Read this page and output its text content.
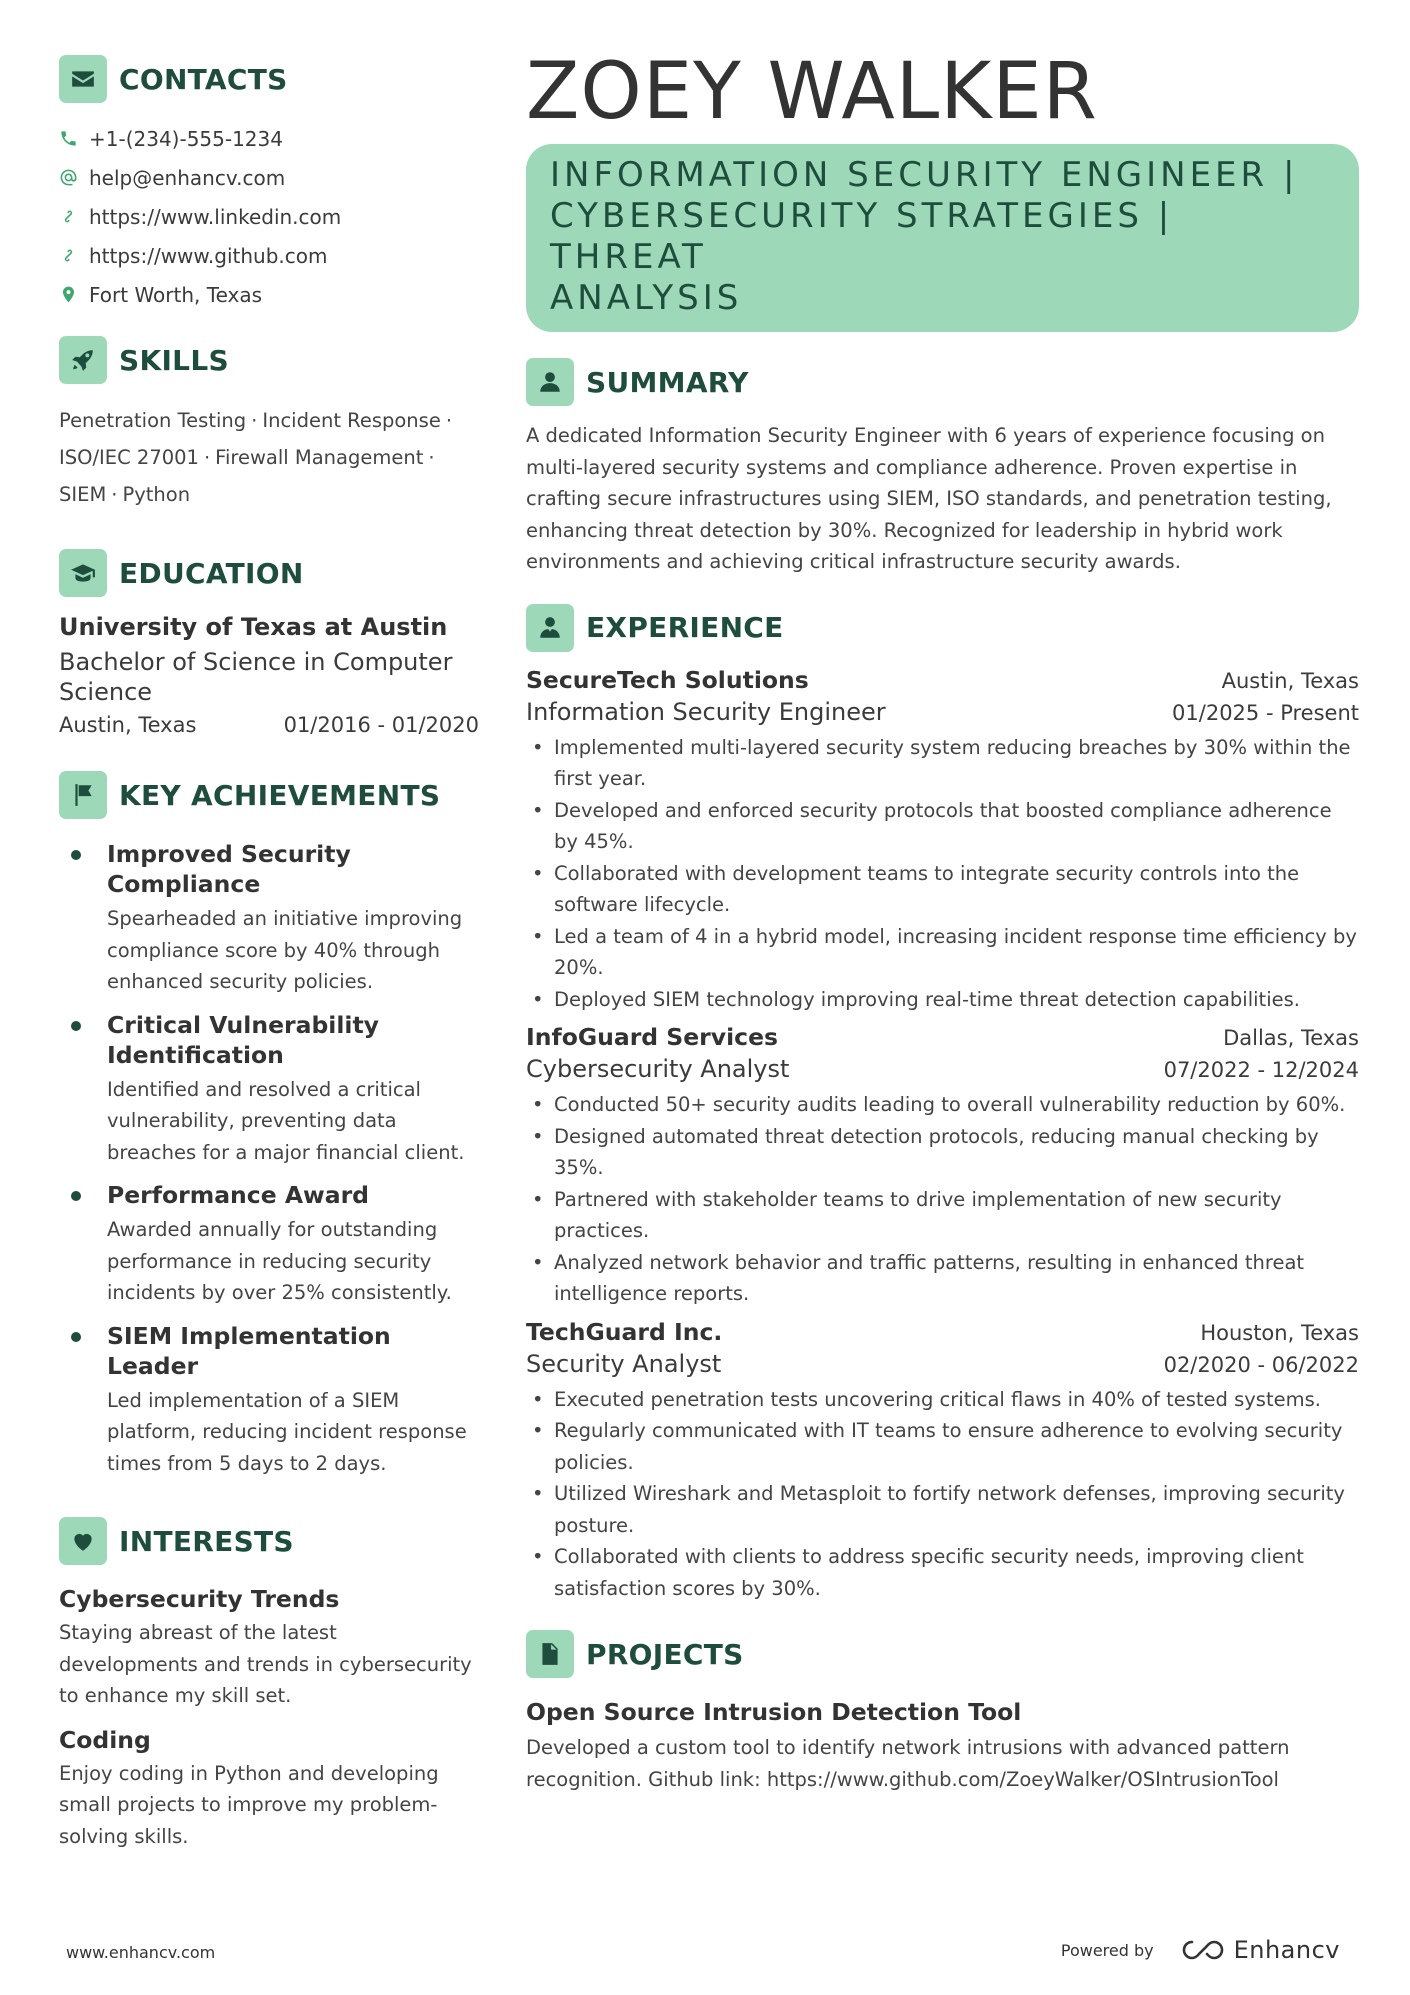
CONTACTS
+1-(234)-555-1234
help@enhancv.com
https://www.linkedin.com
https://www.github.com
Fort Worth, Texas
SKILLS
Penetration Testing · Incident Response ·
ISO/IEC 27001 · Firewall Management ·
SIEM · Python
EDUCATION
University of Texas at Austin
Bachelor of Science in Computer Science
Austin, Texas	01/2016 - 01/2020
KEY ACHIEVEMENTS
Improved Security Compliance
Spearheaded an initiative improving compliance score by 40% through enhanced security policies.
Critical Vulnerability Identification
Identified and resolved a critical vulnerability, preventing data breaches for a major financial client.
Performance Award
Awarded annually for outstanding performance in reducing security incidents by over 25% consistently.
SIEM Implementation Leader
Led implementation of a SIEM platform, reducing incident response times from 5 days to 2 days.
INTERESTS
Cybersecurity Trends
Staying abreast of the latest developments and trends in cybersecurity to enhance my skill set.
Coding
Enjoy coding in Python and developing small projects to improve my problem-solving skills.
ZOEY WALKER
INFORMATION SECURITY ENGINEER |
CYBERSECURITY STRATEGIES | THREAT
ANALYSIS
SUMMARY
A dedicated Information Security Engineer with 6 years of experience focusing on multi-layered security systems and compliance adherence. Proven expertise in crafting secure infrastructures using SIEM, ISO standards, and penetration testing, enhancing threat detection by 30%. Recognized for leadership in hybrid work environments and achieving critical infrastructure security awards.
EXPERIENCE
SecureTech Solutions	Austin, Texas
Information Security Engineer	01/2025 - Present
• Implemented multi-layered security system reducing breaches by 30% within the first year.
• Developed and enforced security protocols that boosted compliance adherence by 45%.
• Collaborated with development teams to integrate security controls into the software lifecycle.
• Led a team of 4 in a hybrid model, increasing incident response time efficiency by 20%.
• Deployed SIEM technology improving real-time threat detection capabilities.
InfoGuard Services	Dallas, Texas
Cybersecurity Analyst	07/2022 - 12/2024
• Conducted 50+ security audits leading to overall vulnerability reduction by 60%.
• Designed automated threat detection protocols, reducing manual checking by 35%.
• Partnered with stakeholder teams to drive implementation of new security practices.
• Analyzed network behavior and traffic patterns, resulting in enhanced threat intelligence reports.
TechGuard Inc.	Houston, Texas
Security Analyst	02/2020 - 06/2022
• Executed penetration tests uncovering critical flaws in 40% of tested systems.
• Regularly communicated with IT teams to ensure adherence to evolving security policies.
• Utilized Wireshark and Metasploit to fortify network defenses, improving security posture.
• Collaborated with clients to address specific security needs, improving client satisfaction scores by 30%.
PROJECTS
Open Source Intrusion Detection Tool
Developed a custom tool to identify network intrusions with advanced pattern recognition. Github link: https://www.github.com/ZoeyWalker/OSIntrusionTool
www.enhancv.com	Powered by	Enhancv
